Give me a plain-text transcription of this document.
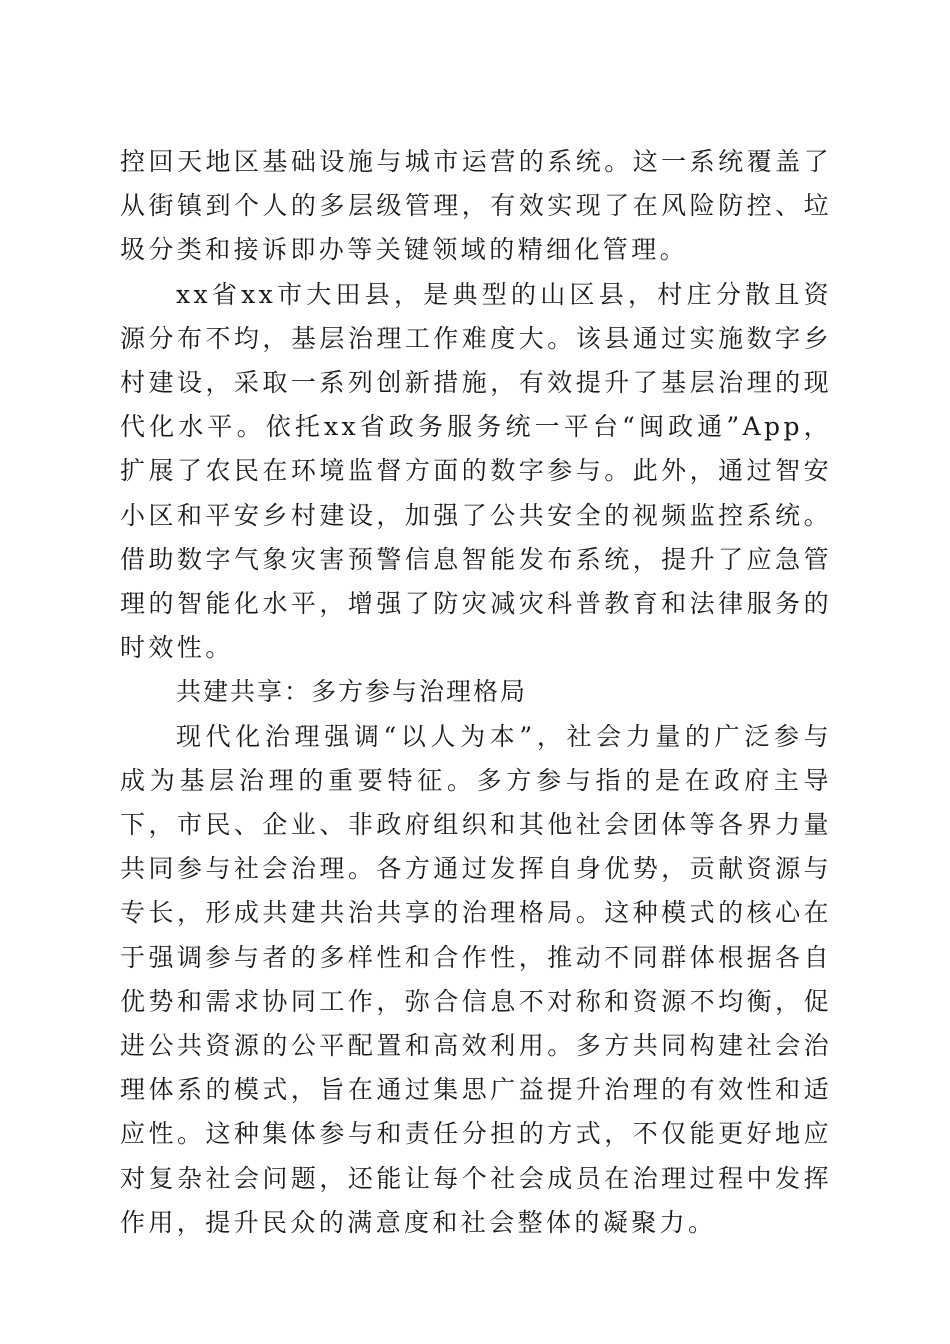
控回天地区基础设施与城市运营的系统。这一系统覆盖了从街镇到个人的多层级管理，有效实现了在风险防控、垃圾分类和接诉即办等关键领域的精细化管理。

xx省xx市大田县，是典型的山区县，村庄分散且资源分布不均，基层治理工作难度大。该县通过实施数字乡村建设，采取一系列创新措施，有效提升了基层治理的现代化水平。依托xx省政务服务统一平台“闽政通”App，扩展了农民在环境监督方面的数字参与。此外，通过智安小区和平安乡村建设，加强了公共安全的视频监控系统。借助数字气象灾害预警信息智能发布系统，提升了应急管理的智能化水平，增强了防灾减灾科普教育和法律服务的时效性。

共建共享：多方参与治理格局

现代化治理强调“以人为本”，社会力量的广泛参与成为基层治理的重要特征。多方参与指的是在政府主导下，市民、企业、非政府组织和其他社会团体等各界力量共同参与社会治理。各方通过发挥自身优势，贡献资源与专长，形成共建共治共享的治理格局。这种模式的核心在于强调参与者的多样性和合作性，推动不同群体根据各自优势和需求协同工作，弥合信息不对称和资源不均衡，促进公共资源的公平配置和高效利用。多方共同构建社会治理体系的模式，旨在通过集思广益提升治理的有效性和适应性。这种集体参与和责任分担的方式，不仅能更好地应对复杂社会问题，还能让每个社会成员在治理过程中发挥作用，提升民众的满意度和社会整体的凝聚力。
